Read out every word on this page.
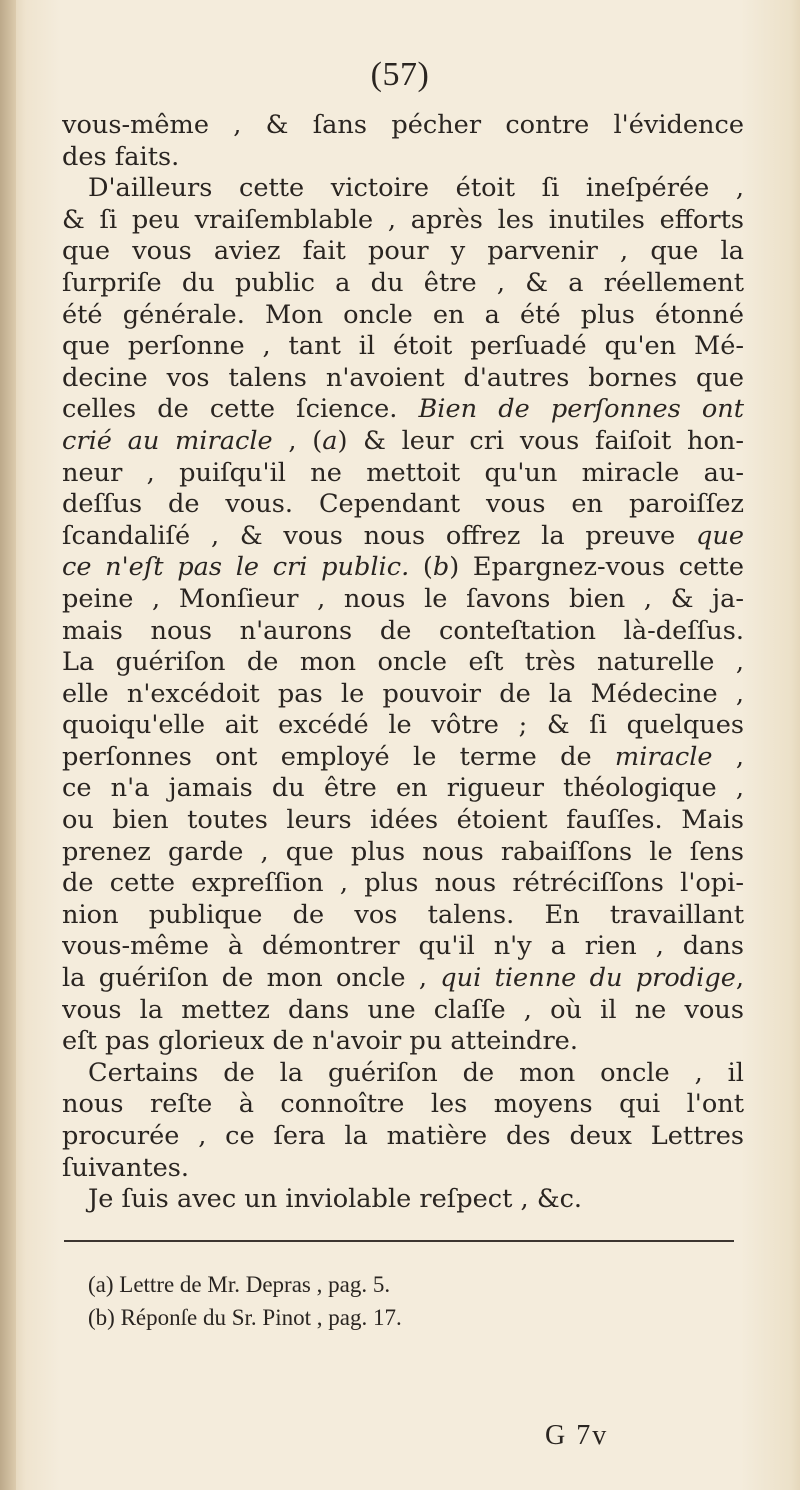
(57)
vous-même , & ſans pécher contre l'évidence
des faits.
D'ailleurs cette victoire étoit ſi ineſpérée ,
& ſi peu vraiſemblable , après les inutiles efforts
que vous aviez fait pour y parvenir , que la
ſurpriſe du public a du être , & a réellement
été générale. Mon oncle en a été plus étonné
que perſonne , tant il étoit perſuadé qu'en Mé-
decine vos talens n'avoient d'autres bornes que
celles de cette ſcience. Bien de perſonnes ont
crié au miracle , (a) & leur cri vous faiſoit hon-
neur , puiſqu'il ne mettoit qu'un miracle au-
deſſus de vous. Cependant vous en paroiſſez
ſcandaliſé , & vous nous offrez la preuve que
ce n'eſt pas le cri public. (b) Epargnez-vous cette
peine , Monſieur , nous le ſavons bien , & ja-
mais nous n'aurons de conteſtation là-deſſus.
La guériſon de mon oncle eſt très naturelle ,
elle n'excédoit pas le pouvoir de la Médecine ,
quoiqu'elle ait excédé le vôtre ; & ſi quelques
perſonnes ont employé le terme de miracle ,
ce n'a jamais du être en rigueur théologique ,
ou bien toutes leurs idées étoient fauſſes. Mais
prenez garde , que plus nous rabaiſſons le ſens
de cette expreſſion , plus nous rétréciſſons l'opi-
nion publique de vos talens. En travaillant
vous-même à démontrer qu'il n'y a rien , dans
la guériſon de mon oncle , qui tienne du prodige,
vous la mettez dans une claſſe , où il ne vous
eſt pas glorieux de n'avoir pu atteindre.
Certains de la guériſon de mon oncle , il
nous reſte à connoître les moyens qui l'ont
procurée , ce ſera la matière des deux Lettres
ſuivantes.
Je ſuis avec un inviolable reſpect , &c.
(a) Lettre de Mr. Depras , pag. 5.
(b) Réponſe du Sr. Pinot , pag. 17.
G 7v
